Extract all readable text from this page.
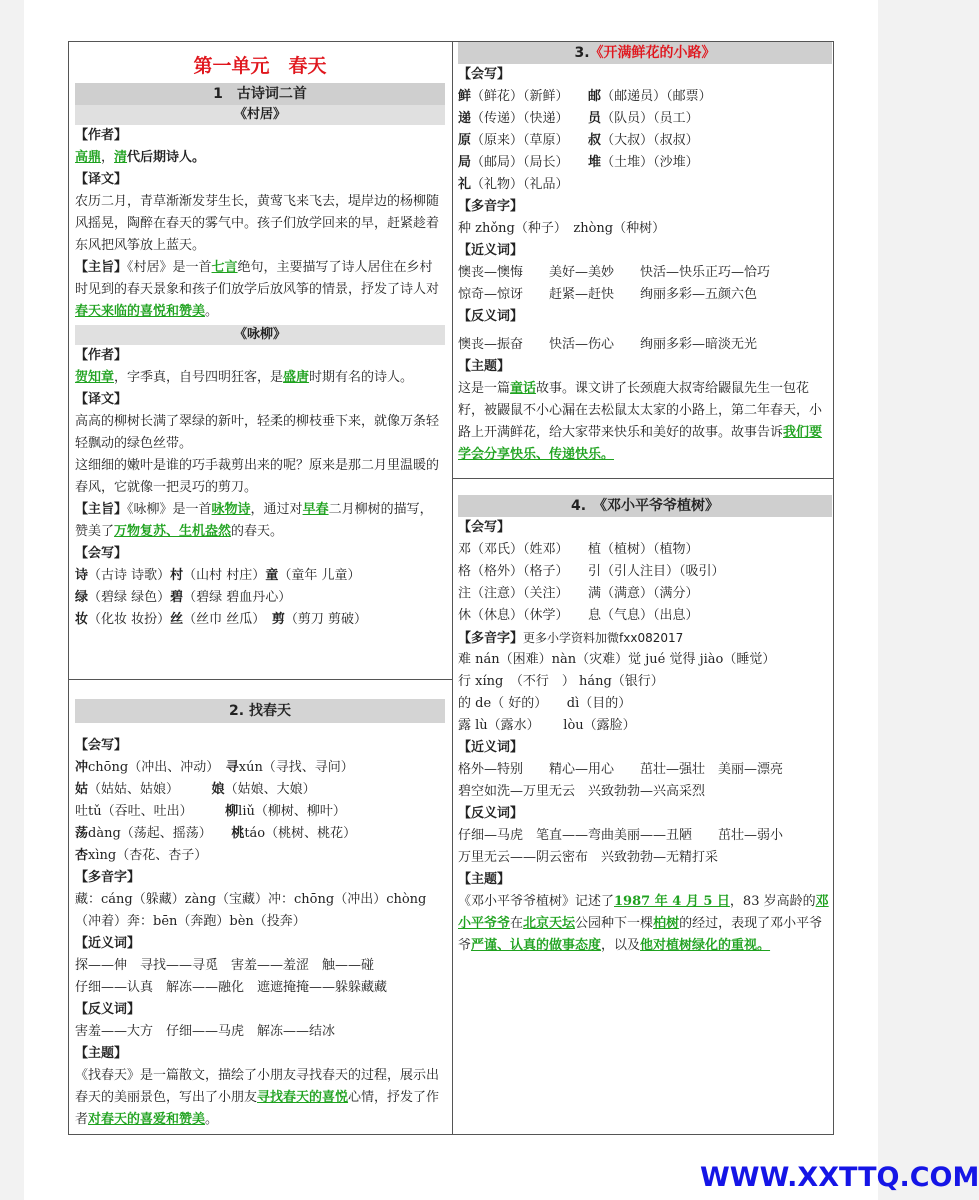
第一单元　春天
1　古诗词二首
《村居》
【作者】
高鼎，清代后期诗人。
【译文】
农历二月，青草渐渐发芽生长，黄莺飞来飞去，堤岸边的杨柳随风摇晃，陶醉在春天的雾气中。孩子们放学回来的早，赶紧趁着东风把风筝放上蓝天。
【主旨】《村居》是一首七言绝句，主要描写了诗人居住在乡村时见到的春天景象和孩子们放学后放风筝的情景，抒发了诗人对春天来临的喜悦和赞美。
《咏柳》
【作者】
贺知章，字季真，自号四明狂客，是盛唐时期有名的诗人。
【译文】
高高的柳树长满了翠绿的新叶，轻柔的柳枝垂下来，就像万条轻轻飘动的绿色丝带。
这细细的嫩叶是谁的巧手裁剪出来的呢？原来是那二月里温暖的春风，它就像一把灵巧的剪刀。
【主旨】《咏柳》是一首咏物诗，通过对早春二月柳树的描写，赞美了万物复苏、生机盎然的春天。
【会写】
诗（古诗 诗歌）村（山村 村庄）童（童年 儿童）
绿（碧绿 绿色）碧（碧绿 碧血丹心）
妆（化妆 妆扮）丝（丝巾 丝瓜）　 剪（剪刀 剪破）
2. 找春天
【会写】
冲chōng（冲出、冲动）　 寻xún（寻找、寻问）
姑（姑姑、姑娘）　　　	娘（姑娘、大娘）
吐tǔ（吞吐、吐出）　　　	柳liǔ（柳树、柳叶）
荡dàng（荡起、摇荡）　　 桃táo（桃树、桃花）
杏xìng（杏花、杏子）
【多音字】
藏：cáng（躲藏）zàng（宝藏）冲：chōng（冲出）chòng
（冲着）奔：bēn（奔跑）bèn（投奔）
【近义词】
探——伸　寻找——寻觅　害羞——羞涩　触——碰
仔细——认真　解冻——融化　遮遮掩掩——躲躲藏藏
【反义词】
害羞——大方　仔细——马虎　解冻——结冰
【主题】
《找春天》是一篇散文，描绘了小朋友寻找春天的过程，展示出春天的美丽景色，写出了小朋友寻找春天的喜悦心情，抒发了作者对春天的喜爱和赞美。
3.《开满鲜花的小路》
【会写】
鲜（鲜花）（新鲜）　　 邮（邮递员）（邮票）
递（传递）（快递）　　 员（队员）（员工）
原（原来）（草原）　　 叔（大叔）（叔叔）
局（邮局）（局长）　　 堆（土堆）（沙堆）
礼（礼物）（礼品）
【多音字】
种 zhǒng（种子）　zhòng（种树）
【近义词】
懊丧—懊悔　　美好—美妙　　快活—快乐正巧—恰巧
惊奇—惊讶　　赶紧—赶快　　绚丽多彩—五颜六色
【反义词】
懊丧—振奋　　快活—伤心　　绚丽多彩—暗淡无光
【主题】
这是一篇童话故事。课文讲了长颈鹿大叔寄给鼹鼠先生一包花籽，被鼹鼠不小心漏在去松鼠太太家的小路上，第二年春天，小路上开满鲜花，给大家带来快乐和美好的故事。故事告诉我们要学会分享快乐、传递快乐。
4.　《邓小平爷爷植树》
【会写】
邓（邓氏）（姓邓）　　植（植树）（植物）
格（格外）（格子）　　引（引人注目）（吸引）
注（注意）（关注）　　满（满意）（满分）
休（休息）（休学）　　息（气息）（出息）
【多音字】更多小学资料加微fxx082017
难 nán（困难）nàn（灾难）觉 jué 觉得 jiào（睡觉）
行 xíng　（不行　） háng（银行）
的 de（ 好的）　　dì（目的）
露 lù（露水）　　 lòu（露脸）
【近义词】
格外—特别　　精心—用心　　茁壮—强壮　美丽—漂亮
碧空如洗—万里无云　兴致勃勃—兴高采烈
【反义词】
仔细—马虎　笔直——弯曲美丽——丑陋　　茁壮—弱小
万里无云——阴云密布　兴致勃勃—无精打采
【主题】
《邓小平爷爷植树》记述了1987 年 4 月 5 日，83 岁高龄的邓小平爷爷在北京天坛公园种下一棵柏树的经过，表现了邓小平爷爷严谨、认真的做事态度，以及他对植树绿化的重视。
WWW.XXTTQ.COM
